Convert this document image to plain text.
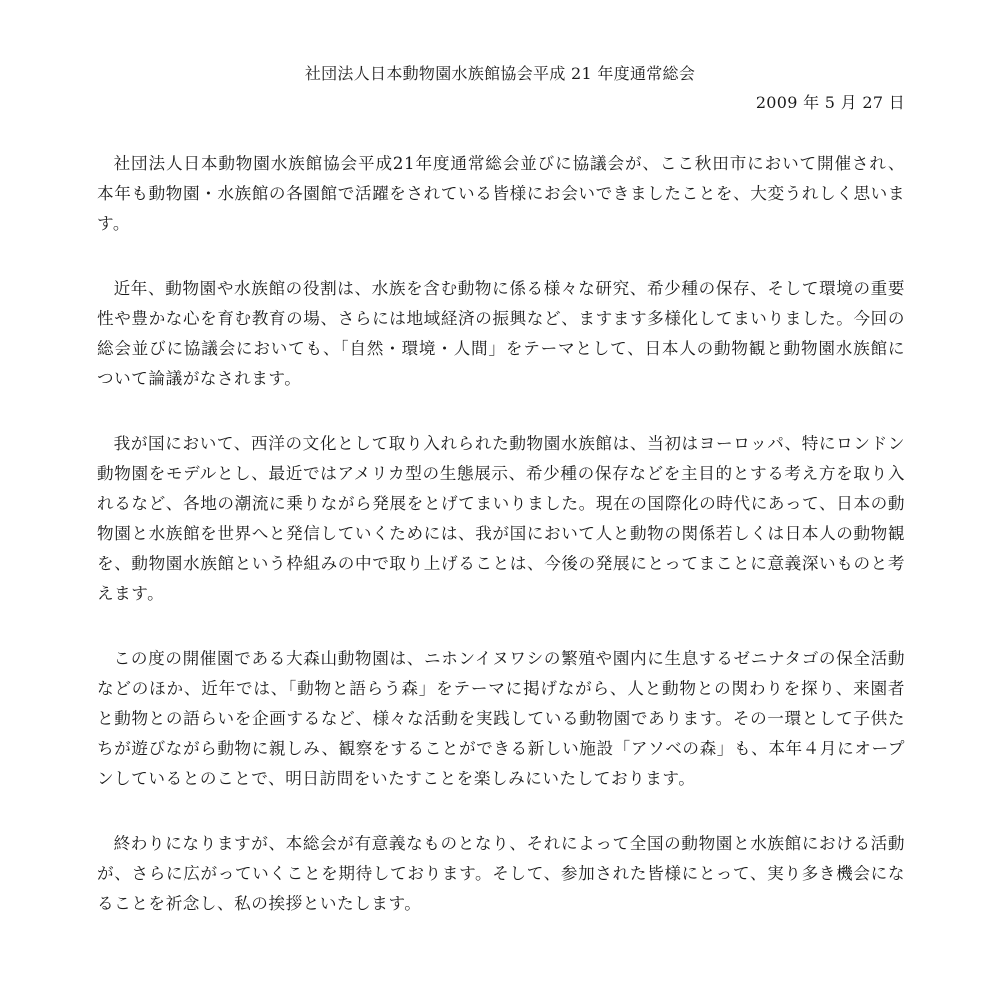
社団法人日本動物園水族館協会平成 21 年度通常総会
2009 年 5 月 27 日

社団法人日本動物園水族館協会平成21年度通常総会並びに協議会が、ここ秋田市において開催され、本年も動物園・水族館の各園館で活躍をされている皆様にお会いできましたことを、大変うれしく思います。

近年、動物園や水族館の役割は、水族を含む動物に係る様々な研究、希少種の保存、そして環境の重要性や豊かな心を育む教育の場、さらには地域経済の振興など、ますます多様化してまいりました。今回の総会並びに協議会においても、「自然・環境・人間」をテーマとして、日本人の動物観と動物園水族館について論議がなされます。

我が国において、西洋の文化として取り入れられた動物園水族館は、当初はヨーロッパ、特にロンドン動物園をモデルとし、最近ではアメリカ型の生態展示、希少種の保存などを主目的とする考え方を取り入れるなど、各地の潮流に乗りながら発展をとげてまいりました。現在の国際化の時代にあって、日本の動物園と水族館を世界へと発信していくためには、我が国において人と動物の関係若しくは日本人の動物観を、動物園水族館という枠組みの中で取り上げることは、今後の発展にとってまことに意義深いものと考えます。

この度の開催園である大森山動物園は、ニホンイヌワシの繁殖や園内に生息するゼニナタゴの保全活動などのほか、近年では、「動物と語らう森」をテーマに掲げながら、人と動物との関わりを探り、来園者と動物との語らいを企画するなど、様々な活動を実践している動物園であります。その一環として子供たちが遊びながら動物に親しみ、観察をすることができる新しい施設「アソベの森」も、本年４月にオープンしているとのことで、明日訪問をいたすことを楽しみにいたしております。

終わりになりますが、本総会が有意義なものとなり、それによって全国の動物園と水族館における活動が、さらに広がっていくことを期待しております。そして、参加された皆様にとって、実り多き機会になることを祈念し、私の挨拶といたします。
